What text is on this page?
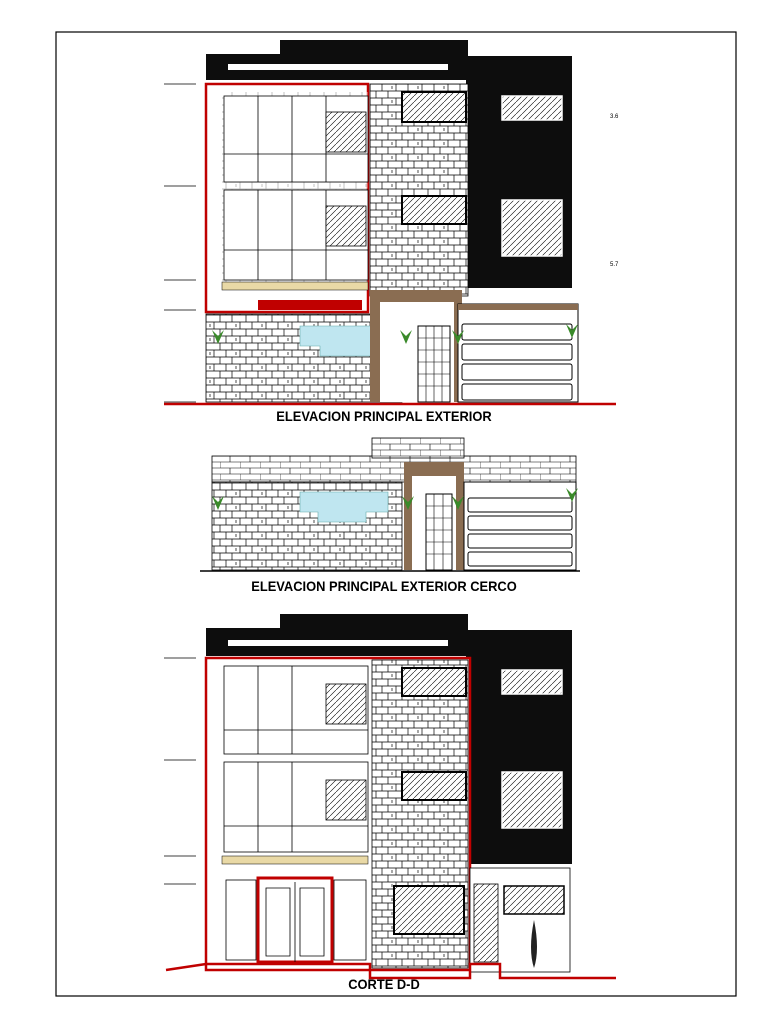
3.6
5.7
ELEVACION PRINCIPAL EXTERIOR
ELEVACION PRINCIPAL EXTERIOR CERCO
CORTE D-D
